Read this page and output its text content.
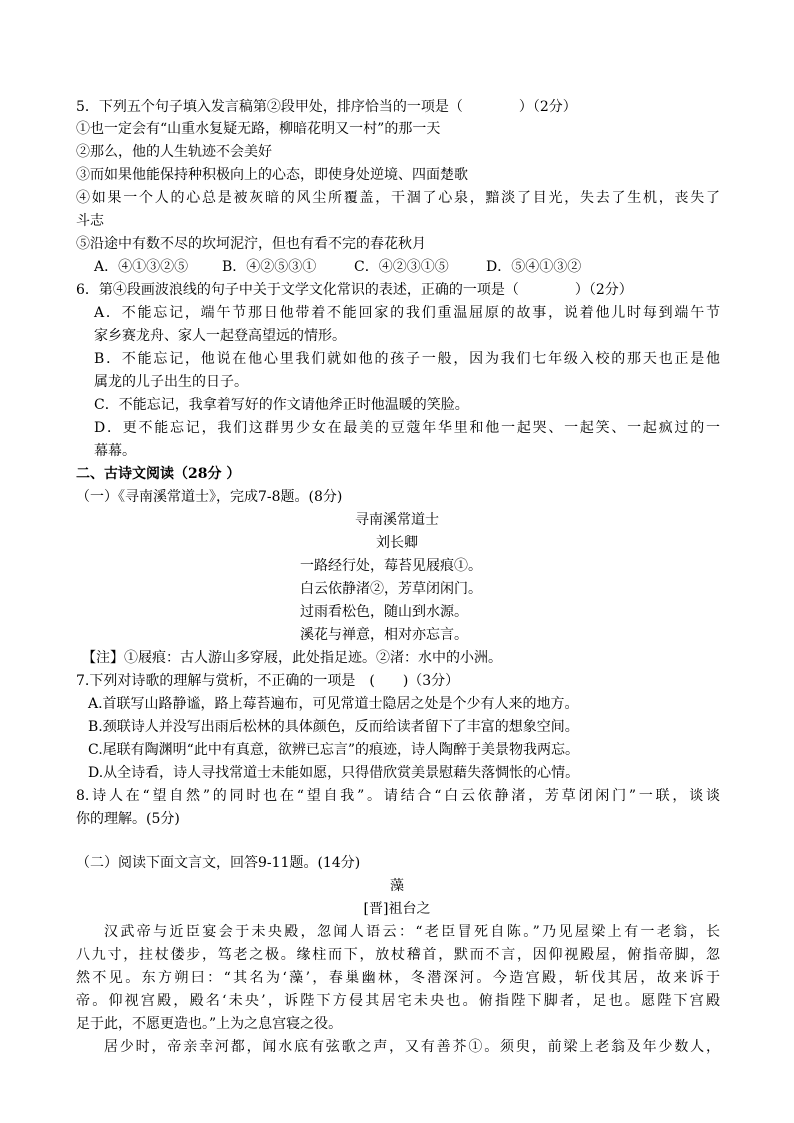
5．下列五个句子填入发言稿第②段甲处，排序恰当的一项是（　　　　）（2分）
①也一定会有“山重水复疑无路，柳暗花明又一村”的那一天
②那么，他的人生轨迹不会美好
③而如果他能保持种积极向上的心态，即使身处逆境、四面楚歌
④如果一个人的心总是被灰暗的风尘所覆盖，干涸了心泉，黯淡了目光，失去了生机，丧失了
斗志
⑤沿途中有数不尽的坎坷泥泞，但也有看不完的春花秋月
A．④①③②⑤ B．④②⑤③①	C．④②③①⑤	D．⑤④①③②
6．第④段画波浪线的句子中关于文学文化常识的表述，正确的一项是（　　　　）（2分）
A．不能忘记，端午节那日他带着不能回家的我们重温屈原的故事，说着他儿时每到端午节
家乡赛龙舟、家人一起登高望远的情形。
B．不能忘记，他说在他心里我们就如他的孩子一般，因为我们七年级入校的那天也正是他
属龙的儿子出生的日子。
C．不能忘记，我拿着写好的作文请他斧正时他温暖的笑脸。
D．更不能忘记，我们这群男少女在最美的豆蔻年华里和他一起哭、一起笑、一起疯过的一
幕幕。
二、古诗文阅读（28分 ）
（一）《寻南溪常道士》，完成7-8题。(8分)
寻南溪常道士
刘长卿
一路经行处，莓苔见屐痕①。
白云依静渚②，芳草闭闲门。
过雨看松色，随山到水源。
溪花与禅意，相对亦忘言。
【注】①屐痕：古人游山多穿屐，此处指足迹。②渚：水中的小洲。
7.下列对诗歌的理解与赏析，不正确的一项是　(　　)（3分）
A.首联写山路静谧，路上莓苔遍布，可见常道士隐居之处是个少有人来的地方。
B.颈联诗人并没写出雨后松林的具体颜色，反而给读者留下了丰富的想象空间。
C.尾联有陶渊明“此中有真意，欲辨已忘言”的痕迹，诗人陶醉于美景物我两忘。
D.从全诗看，诗人寻找常道士未能如愿，只得借欣赏美景慰藉失落惆怅的心情。
8.诗人在“望自然”的同时也在“望自我”。请结合“白云依静渚，芳草闭闲门”一联，谈谈
你的理解。(5分)
（二）阅读下面文言文，回答9-11题。(14分)
藻
[晋]祖台之
汉武帝与近臣宴会于未央殿，忽闻人语云：“老臣冒死自陈。”乃见屋梁上有一老翁，长
八九寸，拄杖偻步，笃老之极。缘柱而下，放杖稽首，默而不言，因仰视殿屋，俯指帝脚，忽
然不见。东方朔曰：“其名为‘藻’，春巢幽林，冬潜深河。今造宫殿，斩伐其居，故来诉于
帝。仰视宫殿，殿名‘未央’，诉陛下方侵其居宅未央也。俯指陛下脚者，足也。愿陛下宫殿
足于此，不愿更造也。”上为之息宫寝之役。
居少时，帝亲幸河都，闻水底有弦歌之声，又有善芥①。须臾，前梁上老翁及年少数人，
